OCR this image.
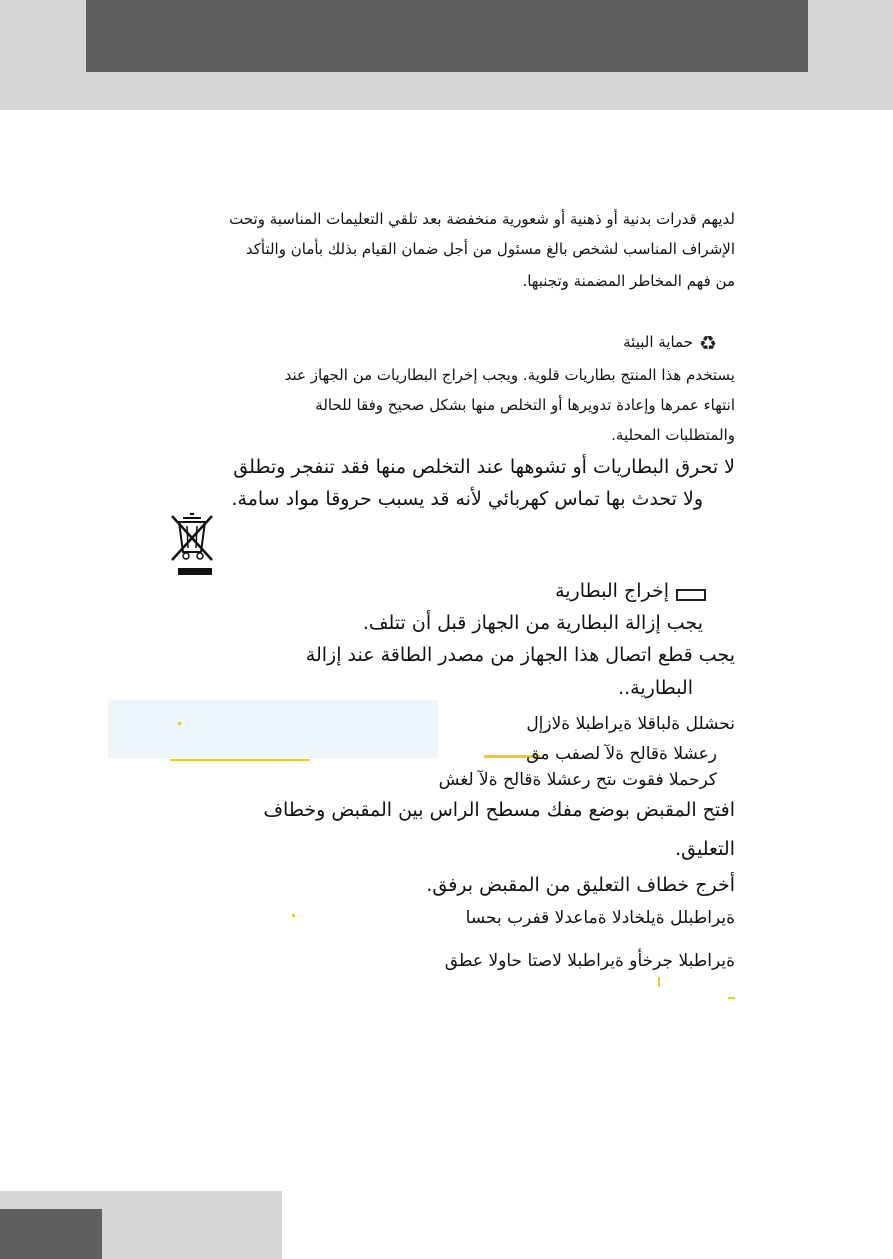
لديهم قدرات بدنية أو ذهنية أو شعورية منخفضة بعد تلقي التعليمات المناسبة وتحت
الإشراف المناسب لشخص بالغ مسئول من أجل ضمان القيام بذلك بأمان والتأكد
من فهم المخاطر المضمنة وتجنبها.
♻
حماية البيئة
يستخدم هذا المنتج بطاريات قلوية. ويجب إخراج البطاريات من الجهاز عند
انتهاء عمرها وإعادة تدويرها أو التخلص منها بشكل صحيح وفقا للحالة
والمتطلبات المحلية.
لا تحرق البطاريات أو تشوهها عند التخلص منها فقد تنفجر وتطلق
ولا تحدث بها تماس كهربائي لأنه قد يسبب حروقا مواد سامة.
إخراج البطارية
يجب إزالة البطارية من الجهاز قبل أن تتلف.
يجب قطع اتصال هذا الجهاز من مصدر الطاقة عند إزالة
البطارية..
نحشلل ةلباقلا ةيراطبلا ةلازإل
رعشلا ةقالح ةلآ لصفب مق
كرحملا فقوت ىتح رعشلا ةقالح ةلآ لغش
افتح المقبض بوضع مفك مسطح الراس بين المقبض وخطاف
التعليق.
أخرج خطاف التعليق من المقبض برفق.
ةيراطبلل ةيلخادلا ةماعدلا قفرب بحسا
ةيراطبلا جرخأو ةيراطبلا لاصتا حاولا عطق
